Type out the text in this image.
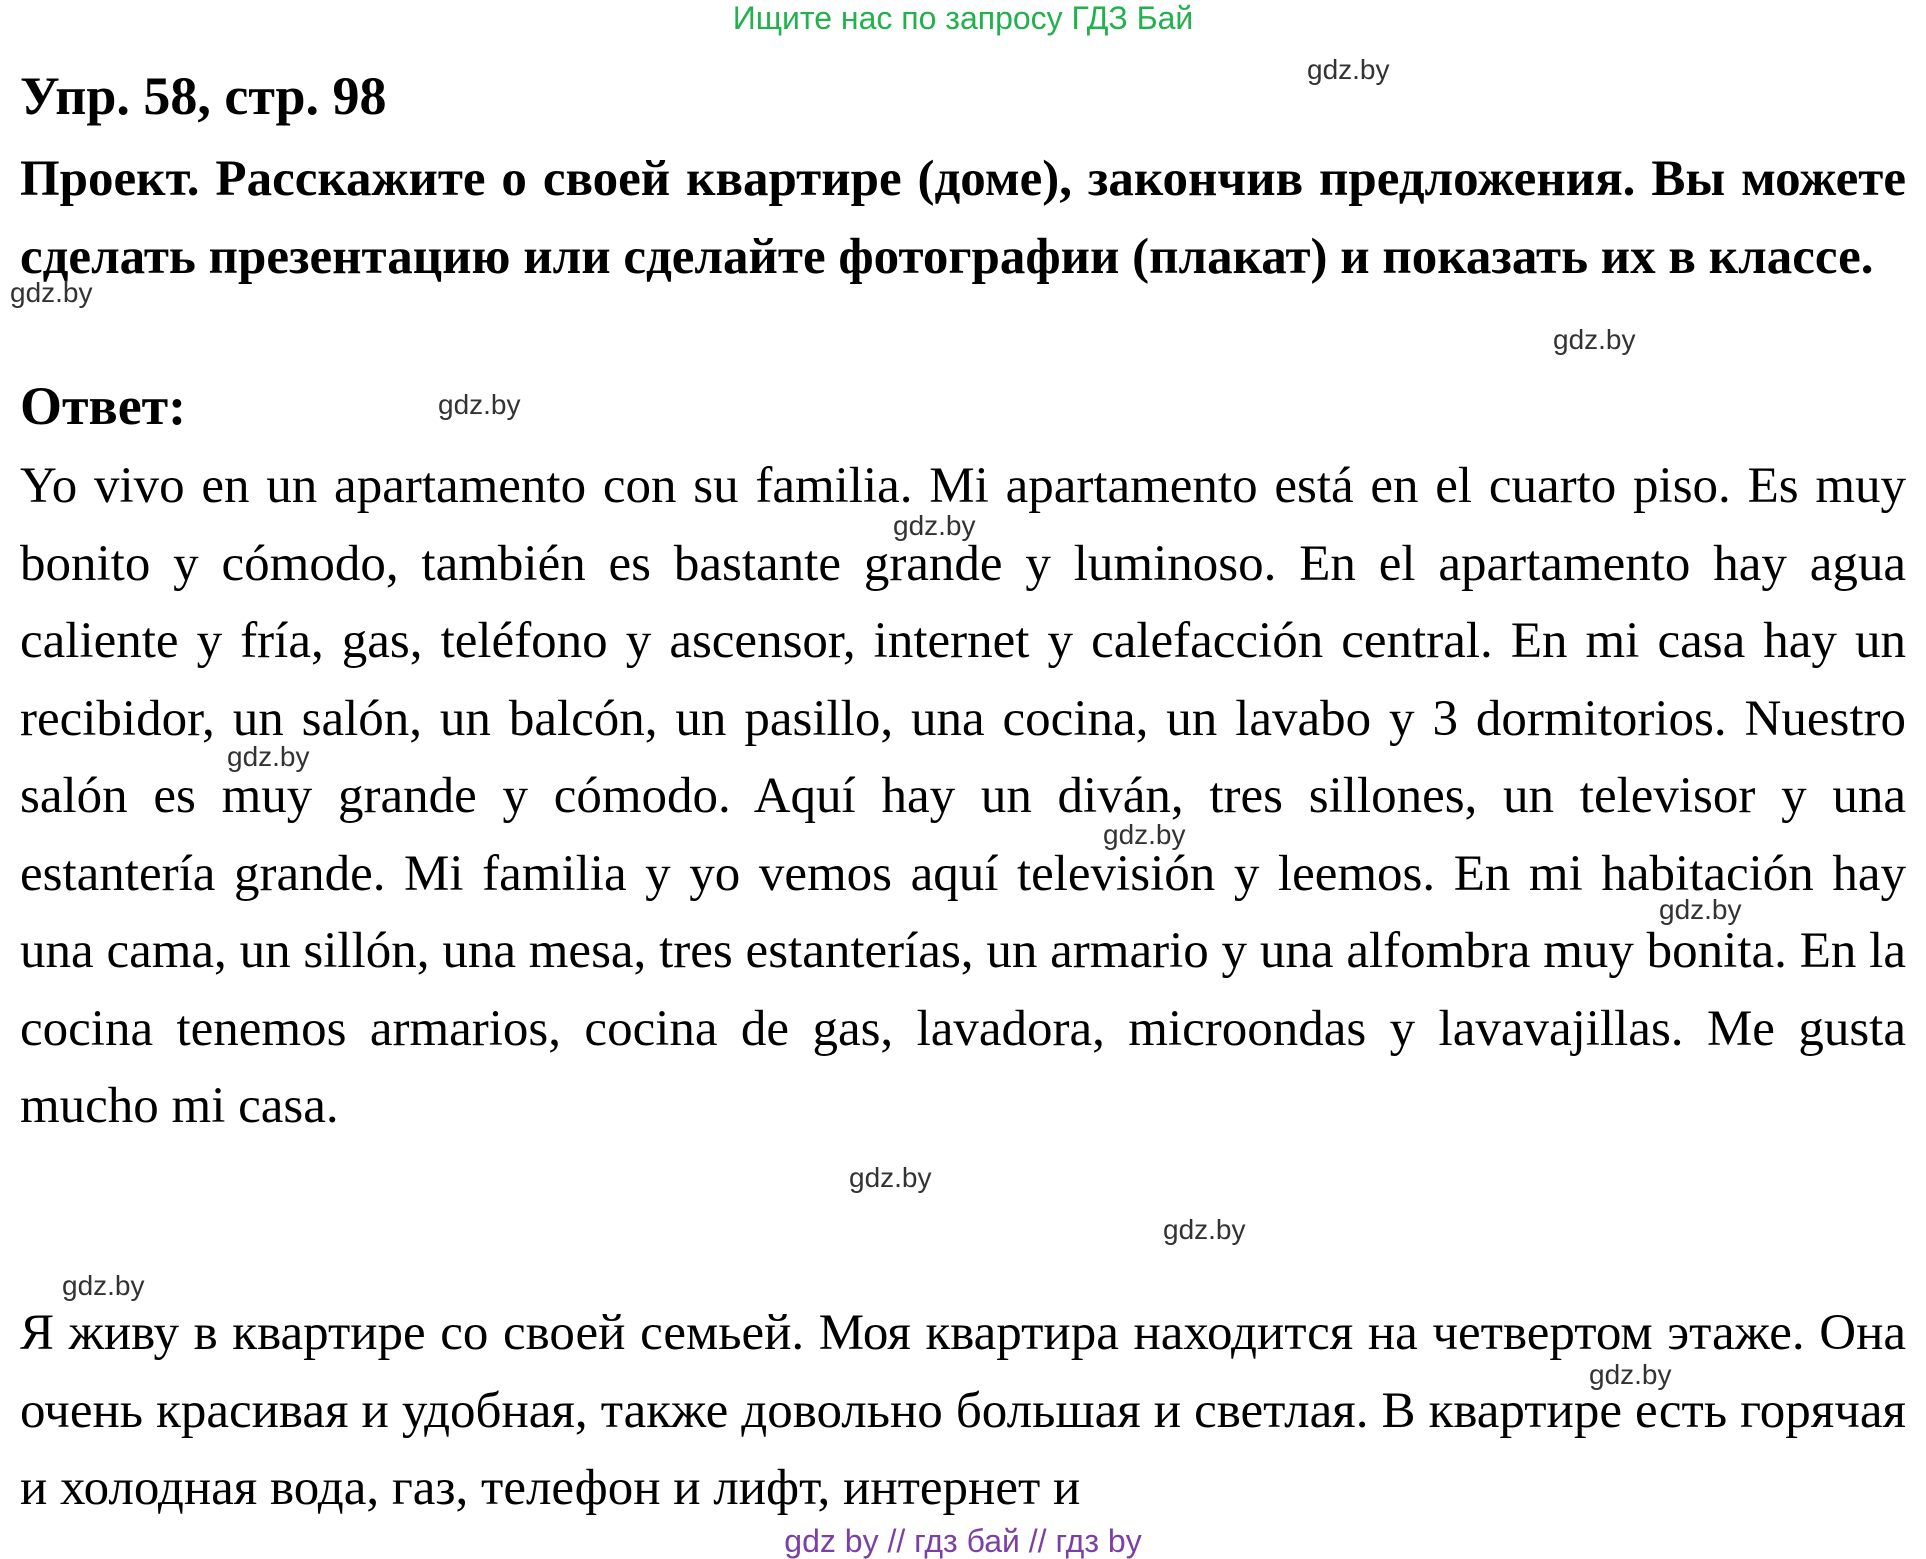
Ищите нас по запросу ГДЗ Бай
Упр. 58, стр. 98
Проект. Расскажите о своей квартире (доме), закончив предложения. Вы можете сделать презентацию или сделайте фотографии (плакат) и показать их в классе.
Ответ:
Yo vivo en un apartamento con su familia. Mi apartamento está en el cuarto piso. Es muy bonito y cómodo, también es bastante grande y luminoso. En el apartamento hay agua caliente y fría, gas, teléfono y ascensor, internet y calefacción central. En mi casa hay un recibidor, un salón, un balcón, un pasillo, una cocina, un lavabo y 3 dormitorios. Nuestro salón es muy grande y cómodo. Aquí hay un diván, tres sillones, un televisor y una estantería grande. Mi familia y yo vemos aquí televisión y leemos. En mi habitación hay una cama, un sillón, una mesa, tres estanterías, un armario y una alfombra muy bonita. En la cocina tenemos armarios, cocina de gas, lavadora, microondas y lavavajillas. Me gusta mucho mi casa.
Я живу в квартире со своей семьей. Моя квартира находится на четвертом этаже. Она очень красивая и удобная, также довольно большая и светлая. В квартире есть горячая и холодная вода, газ, телефон и лифт, интернет и
gdz.by
gdz.by
gdz.by
gdz.by
gdz.by
gdz.by
gdz.by
gdz.by
gdz.by
gdz.by
gdz.by
gdz.by
gdz by // гдз бай // гдз by
